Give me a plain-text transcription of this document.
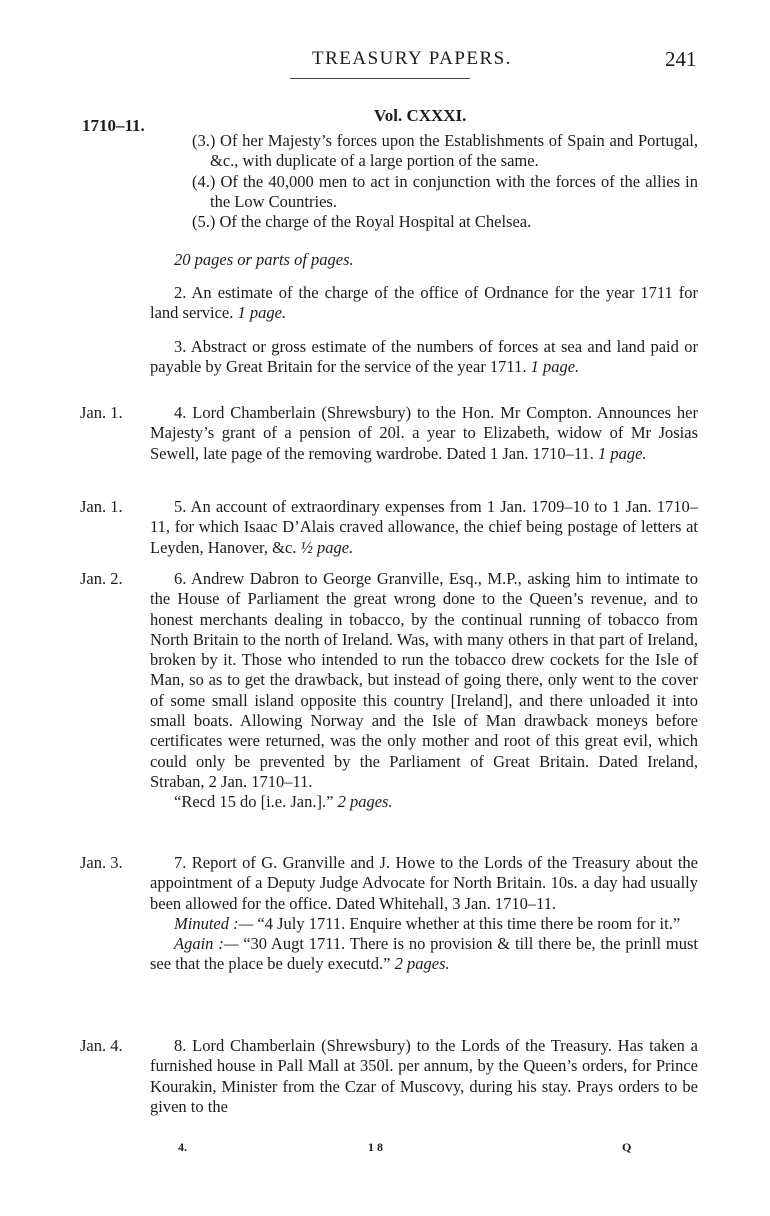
TREASURY PAPERS.	241
1710–11.
Vol. CXXXI.

(3.) Of her Majesty’s forces upon the Establishments of Spain and Portugal, &c., with duplicate of a large portion of the same.

(4.) Of the 40,000 men to act in conjunction with the forces of the allies in the Low Countries.

(5.) Of the charge of the Royal Hospital at Chelsea.

20 pages or parts of pages.
2. An estimate of the charge of the office of Ordnance for the year 1711 for land service. 1 page.
3. Abstract or gross estimate of the numbers of forces at sea and land paid or payable by Great Britain for the service of the year 1711. 1 page.
Jan. 1.	4. Lord Chamberlain (Shrewsbury) to the Hon. Mr Compton. Announces her Majesty’s grant of a pension of 20l. a year to Elizabeth, widow of Mr Josias Sewell, late page of the removing wardrobe. Dated 1 Jan. 1710–11. 1 page.
Jan. 1.	5. An account of extraordinary expenses from 1 Jan. 1709–10 to 1 Jan. 1710–11, for which Isaac D’Alais craved allowance, the chief being postage of letters at Leyden, Hanover, &c. ½ page.
Jan. 2.	6. Andrew Dabron to George Granville, Esq., M.P., asking him to intimate to the House of Parliament the great wrong done to the Queen’s revenue, and to honest merchants dealing in tobacco, by the continual running of tobacco from North Britain to the north of Ireland. Was, with many others in that part of Ireland, broken by it. Those who intended to run the tobacco drew cockets for the Isle of Man, so as to get the drawback, but instead of going there, only went to the cover of some small island opposite this country [Ireland], and there unloaded it into small boats. Allowing Norway and the Isle of Man drawback moneys before certificates were returned, was the only mother and root of this great evil, which could only be prevented by the Parliament of Great Britain. Dated Ireland, Straban, 2 Jan. 1710–11.

“Recd 15 do [i.e. Jan.].” 2 pages.

Jan. 3.	7. Report of G. Granville and J. Howe to the Lords of the Treasury about the appointment of a Deputy Judge Advocate for North Britain. 10s. a day had usually been allowed for the office. Dated Whitehall, 3 Jan. 1710–11.

Minuted :— “4 July 1711. Enquire whether at this time there be room for it.”

Again :— “30 Augt 1711. There is no provision & till there be, the prinll must see that the place be duely executd.” 2 pages.

Jan. 4.	8. Lord Chamberlain (Shrewsbury) to the Lords of the Treasury. Has taken a furnished house in Pall Mall at 350l. per annum, by the Queen’s orders, for Prince Kourakin, Minister from the Czar of Muscovy, during his stay. Prays orders to be given to the
4.	1 8	Q
